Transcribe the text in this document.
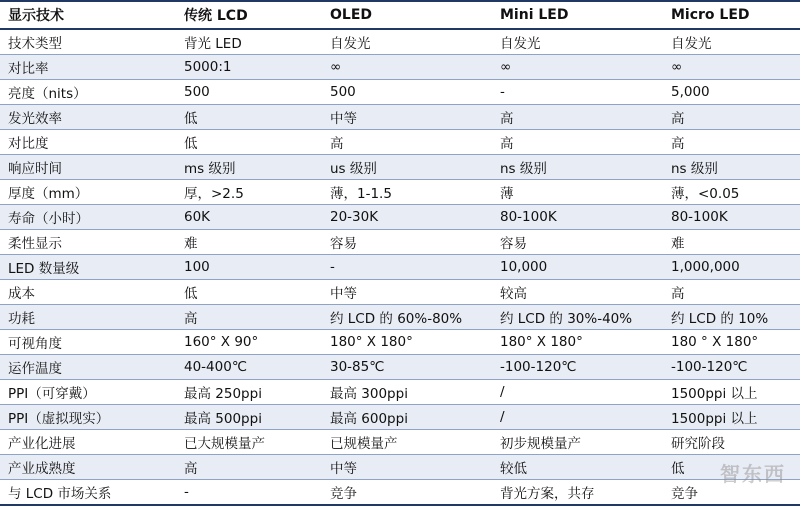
显示技术	传统 LCD	OLED	Mini LED	Micro LED
技术类型	背光 LED	自发光	自发光	自发光
对比率	5000:1	∞	∞	∞
亮度（nits）	500	500	-	5,000
发光效率	低	中等	高	高
对比度	低	高	高	高
响应时间	ms 级别	us 级别	ns 级别	ns 级别
厚度（mm）	厚，>2.5	薄，1-1.5	薄	薄，<0.05
寿命（小时）	60K	20-30K	80-100K	80-100K
柔性显示	难	容易	容易	难
LED 数量级	100	-	10,000	1,000,000
成本	低	中等	较高	高
功耗	高	约 LCD 的 60%-80%	约 LCD 的 30%-40%	约 LCD 的 10%
可视角度	160° X 90°	180° X 180°	180° X 180°	180 ° X 180°
运作温度	40-400℃	30-85℃	-100-120℃	-100-120℃
PPI（可穿戴）	最高 250ppi	最高 300ppi	/	1500ppi 以上
PPI（虚拟现实）	最高 500ppi	最高 600ppi	/	1500ppi 以上
产业化进展	已大规模量产	已规模量产	初步规模量产	研究阶段
产业成熟度	高	中等	较低	低
与 LCD 市场关系	-	竞争	背光方案，共存	竞争
智东西
